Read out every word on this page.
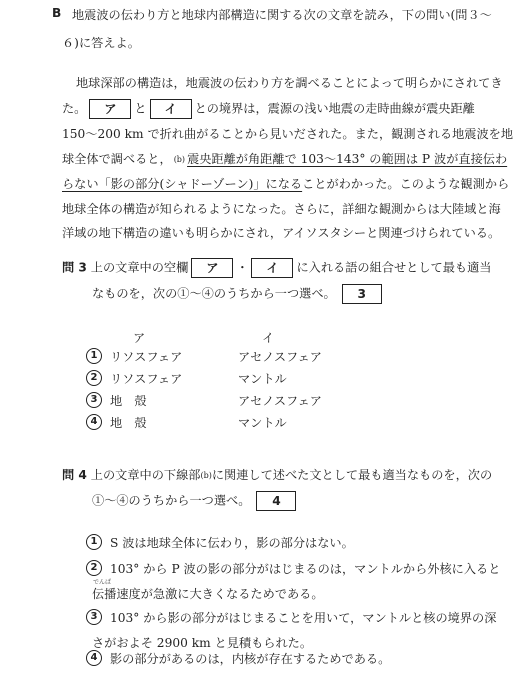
B 地震波の伝わり方と地球内部構造に関する次の文章を読み，下の問い(問３〜
６)に答えよ。
地球深部の構造は，地震波の伝わり方を調べることによって明らかにされてき
た。 ア と イ との境界は，震源の浅い地震の走時曲線が震央距離
150〜200 km で折れ曲がることから見いだされた。また，観測される地震波を地
球全体で調べると， (b) 震央距離が角距離で 103〜143° の範囲は P 波が直接伝わ
らない「影の部分(シャドーゾーン)」になることがわかった。このような観測から
地球全体の構造が知られるようになった。さらに，詳細な観測からは大陸域と海
洋域の地下構造の違いも明らかにされ，アイソスタシーと関連づけられている。
問 3 上の文章中の空欄 ア ・ イ に入れる語の組合せとして最も適当
なものを，次の①〜④のうちから一つ選べ。 3
ア	イ
1	リソスフェア	アセノスフェア
2	リソスフェア	マントル
3	地　殻	アセノスフェア
4	地　殻	マントル
問 4 上の文章中の下線部(b)に関連して述べた文として最も適当なものを，次の
①〜④のうちから一つ選べ。 4
1	S 波は地球全体に伝わり，影の部分はない。
2	103° から P 波の影の部分がはじまるのは，マントルから外核に入ると
伝播速度が急激に大きくなるためである。
でんぱ
3	103° から影の部分がはじまることを用いて，マントルと核の境界の深
さがおよそ 2900 km と見積もられた。
4	影の部分があるのは，内核が存在するためである。
